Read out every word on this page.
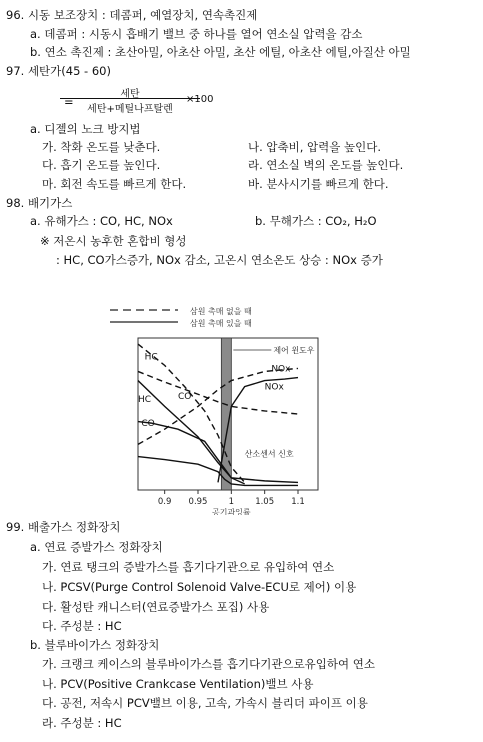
96. 시동 보조장치 : 데콤퍼, 예열장치, 연속촉진제
a. 데콤퍼 : 시동시 흡배기 밸브 중 하나를 열어 연소실 압력을 감소
b. 연소 촉진제 : 초산아밀, 아초산 아밀, 초산 에틸, 아초산 에틸,아질산 아밀
97. 세탄가(45 - 60)
=
세탄
세탄+메틸나프탈렌
×100
a. 디젤의 노크 방지법
가. 착화 온도를 낮춘다.	나. 압축비, 압력을 높인다.
다. 흡기 온도를 높인다.	라. 연소실 벽의 온도를 높인다.
마. 회전 속도를 빠르게 한다.	바. 분사시기를 빠르게 한다.
98. 배기가스
a. 유해가스 : CO, HC, NOx	b. 무해가스 : CO₂, H₂O
※ 저온시 농후한 혼합비 형성
: HC, CO가스증가, NOx 감소, 고온시 연소온도 상승 : NOx 증가
삼원 촉매 없을 때
삼원 촉매 있을 때
제어 윈도우
HC
CO
NOx
HC
CO
NOx
산소센서 신호
0.9 0.95 1 1.05 1.1
공기과잉률
99. 배출가스 정화장치
a. 연료 증발가스 정화장치
가. 연료 탱크의 증발가스를 흡기다기관으로 유입하여 연소
나. PCSV(Purge Control Solenoid Valve-ECU로 제어) 이용
다. 활성탄 캐니스터(연료증발가스 포집) 사용
다. 주성분 : HC
b. 블루바이가스 정화장치
가. 크랭크 케이스의 블루바이가스를 흡기다기관으로유입하여 연소
나. PCV(Positive Crankcase Ventilation)밸브 사용
다. 공전, 저속시 PCV밸브 이용, 고속, 가속시 블리더 파이프 이용
라. 주성분 : HC
